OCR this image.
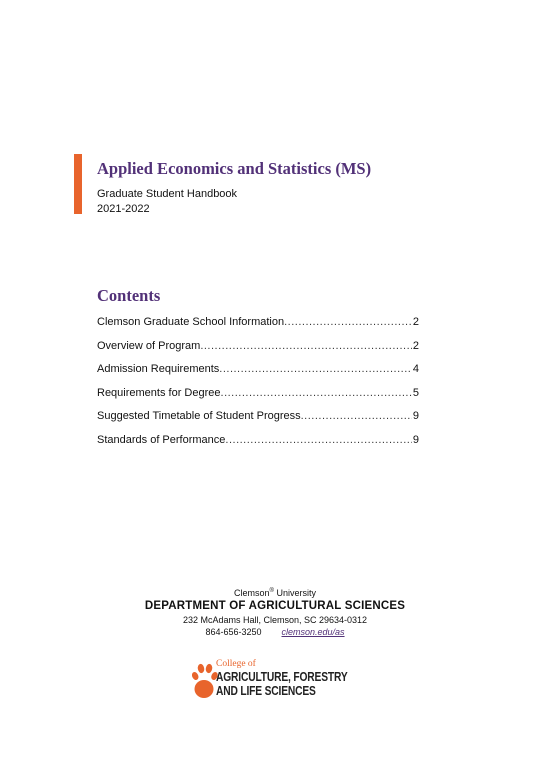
Applied Economics and Statistics (MS)
Graduate Student Handbook
2021-2022
Contents
Clemson Graduate School Information .....	2
Overview of Program .....	2
Admission Requirements .....	4
Requirements for Degree .....	5
Suggested Timetable of Student Progress .....	9
Standards of Performance .....	9
Clemson® University
DEPARTMENT OF AGRICULTURAL SCIENCES
232 McAdams Hall, Clemson, SC 29634-0312
864-656-3250 clemson.edu/as
College of
AGRICULTURE, FORESTRY
AND LIFE SCIENCES
